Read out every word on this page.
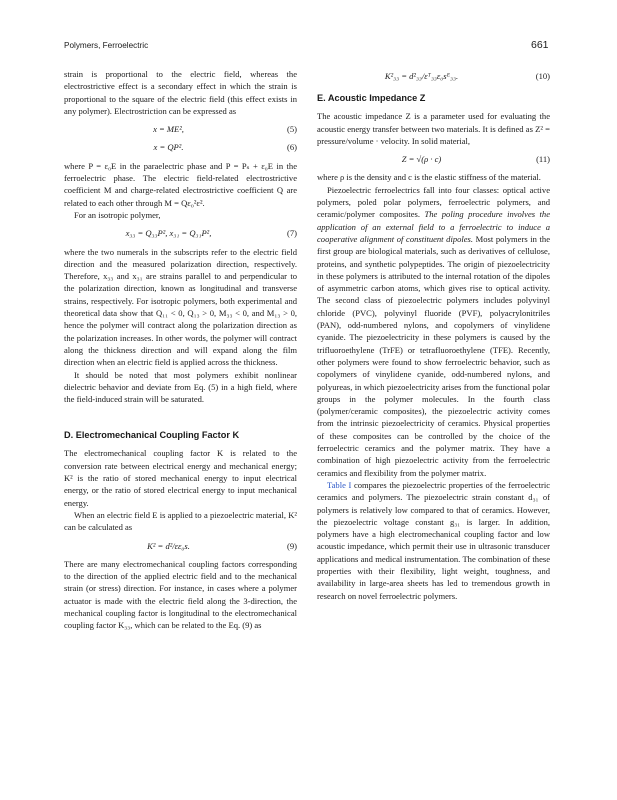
Polymers, Ferroelectric	661

strain is proportional to the electric field, whereas the electrostrictive effect is a secondary effect in which the strain is proportional to the square of the electric field (this effect exists in any polymer). Electrostriction can be expressed as

x = ME²,	(5)
x = QP².	(6)

where P = ε₀E in the paraelectric phase and P = Pₛ + ε₀E in the ferroelectric phase. The electric field-related electrostrictive coefficient M and charge-related electrostrictive coefficient Q are related to each other through M = Qε₀²ε².

For an isotropic polymer,

x₃₃ = Q₃₃P², x₃₁ = Q₃₁P²,	(7)

where the two numerals in the subscripts refer to the electric field direction and the measured polarization direction, respectively. Therefore, x₃₃ and x₃₁ are strains parallel to and perpendicular to the polarization direction, known as longitudinal and transverse strains, respectively. For isotropic polymers, both experimental and theoretical data show that Q₁₁ < 0, Q₁₃ > 0, M₃₃ < 0, and M₁₃ > 0, hence the polymer will contract along the polarization direction as the polarization increases. In other words, the polymer will contract along the thickness direction and will expand along the film direction when an electric field is applied across the thickness.

It should be noted that most polymers exhibit nonlinear dielectric behavior and deviate from Eq. (5) in a high field, where the field-induced strain will be saturated.

D. Electromechanical Coupling Factor K

The electromechanical coupling factor K is related to the conversion rate between electrical energy and mechanical energy; K² is the ratio of stored mechanical energy to input electrical energy, or the ratio of stored electrical energy to input mechanical energy.

When an electric field E is applied to a piezoelectric material, K² can be calculated as

K² = d²/εε₀s.	(9)

There are many electromechanical coupling factors corresponding to the direction of the applied electric field and to the mechanical strain (or stress) direction. For instance, in cases where a polymer actuator is made with the electric field along the 3-direction, the mechanical coupling factor is longitudinal to the electromechanical coupling factor K₃₃, which can be related to the Eq. (9) as

K²₃₃ = d²₃₃/εᵀ₃₃ε₀sᴱ₃₃.	(10)
E. Acoustic Impedance Z

The acoustic impedance Z is a parameter used for evaluating the acoustic energy transfer between two materials. It is defined as Z² = pressure/volume · velocity. In solid material,

Z = √(ρ · c)	(11)

where ρ is the density and c is the elastic stiffness of the material.

Piezoelectric ferroelectrics fall into four classes: optical active polymers, poled polar polymers, ferroelectric polymers, and ceramic/polymer composites. The poling procedure involves the application of an external field to a ferroelectric to induce a cooperative alignment of constituent dipoles. Most polymers in the first group are biological materials, such as derivatives of cellulose, proteins, and synthetic polypeptides. The origin of piezoelectricity in these polymers is attributed to the internal rotation of the dipoles of asymmetric carbon atoms, which gives rise to optical activity. The second class of piezoelectric polymers includes polyvinyl chloride (PVC), polyvinyl fluoride (PVF), polyacrylonitriles (PAN), odd-numbered nylons, and copolymers of vinylidene cyanide. The piezoelectricity in these polymers is caused by the trifluoroethylene (TrFE) or tetrafluoroethylene (TFE). Recently, other polymers were found to show ferroelectric behavior, such as copolymers of vinylidene cyanide, odd-numbered nylons, and polyureas, in which piezoelectricity arises from the functional polar groups in the polymer molecules. In the fourth class (polymer/ceramic composites), the piezoelectric activity comes from the intrinsic piezoelectricity of ceramics. Physical properties of these composites can be controlled by the choice of the ferroelectric ceramics and the polymer matrix. They have a combination of high piezoelectric activity from the ferroelectric ceramics and flexibility from the polymer matrix.

Table I compares the piezoelectric properties of the ferroelectric ceramics and polymers. The piezoelectric strain constant d₃₁ of polymers is relatively low compared to that of ceramics. However, the piezoelectric voltage constant g₃₁ is larger. In addition, polymers have a high electromechanical coupling factor and low acoustic impedance, which permit their use in ultrasonic transducer applications and medical instrumentation. The combination of these properties with their flexibility, light weight, toughness, and availability in large-area sheets has led to tremendous growth in research on novel ferroelectric polymers.
